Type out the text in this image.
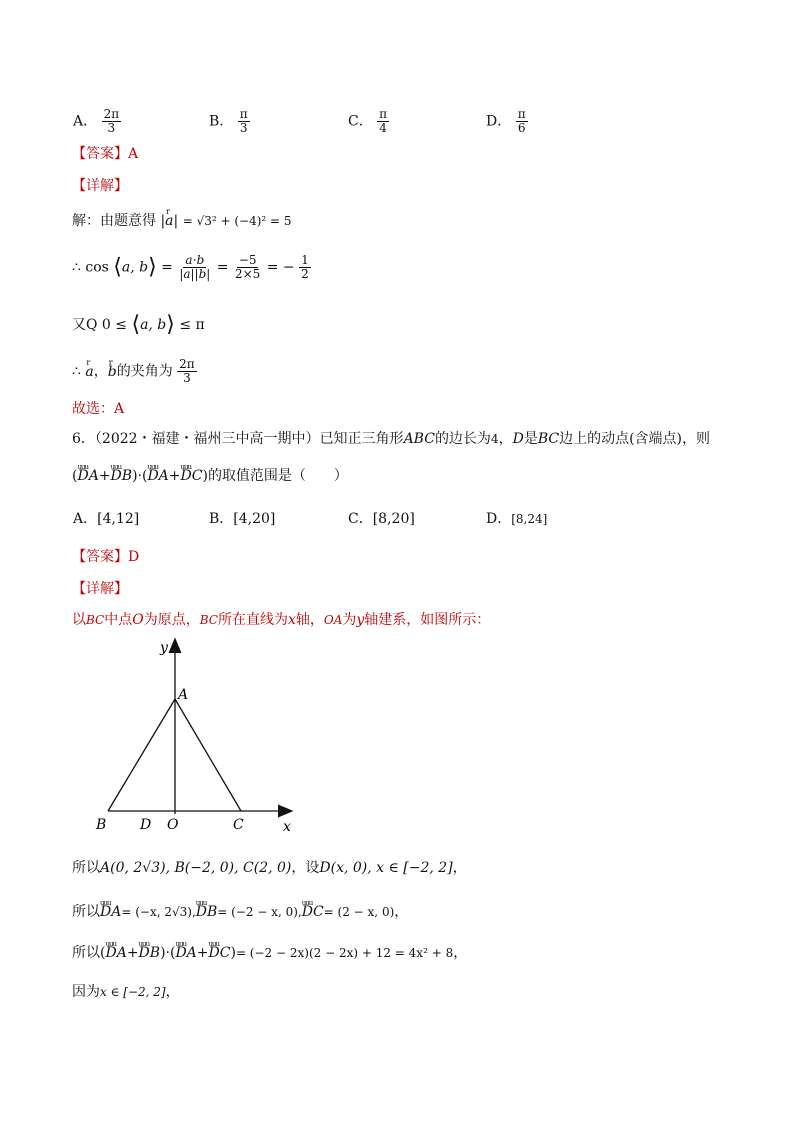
A． $\frac{2\pi}{3}$	B． $\frac{\pi}{3}$	C． $\frac{\pi}{4}$	D． $\frac{\pi}{6}$
【答案】A
【详解】
解：由题意得 |r a| = √3² + (−4)² = 5
∴ cos ⟨a, b⟩ = $\frac{a\cdot b}{|a||b|} = \frac{-5}{2\times 5}$ = − $\frac{1}{2}$
又Q 0 ≤ ⟨a, b⟩ ≤ π
∴ r a，r b的夹角为 $\frac{2\pi}{3}$
故选：A
6．（2022・福建・福州三中高一期中）已知正三角形ABC的边长为4，D是BC边上的动点(含端点)，则
(uuu DA+uuu DB)·(uuu DA+uuu DC)的取值范围是（　　）
A．[4,12]	B．[4,20]	C．[8,20]	D．[8,24]
【答案】D
【详解】
以BC中点O为原点，BC所在直线为x轴，OA为y轴建系，如图所示：
y
x
A
B D O	C
所以A(0, 2√3), B(−2, 0), C(2, 0)，设D(x, 0), x ∈ [−2, 2]，
所以uuu DA= (−x, 2√3),uuu DB= (−2 − x, 0),uuu DC= (2 − x, 0)，
所以(uuu DA+uuu DB)·(uuu DA+uuu DC)= (−2 − 2x)(2 − 2x) + 12 = 4x² + 8，
因为x ∈ [−2, 2]，
